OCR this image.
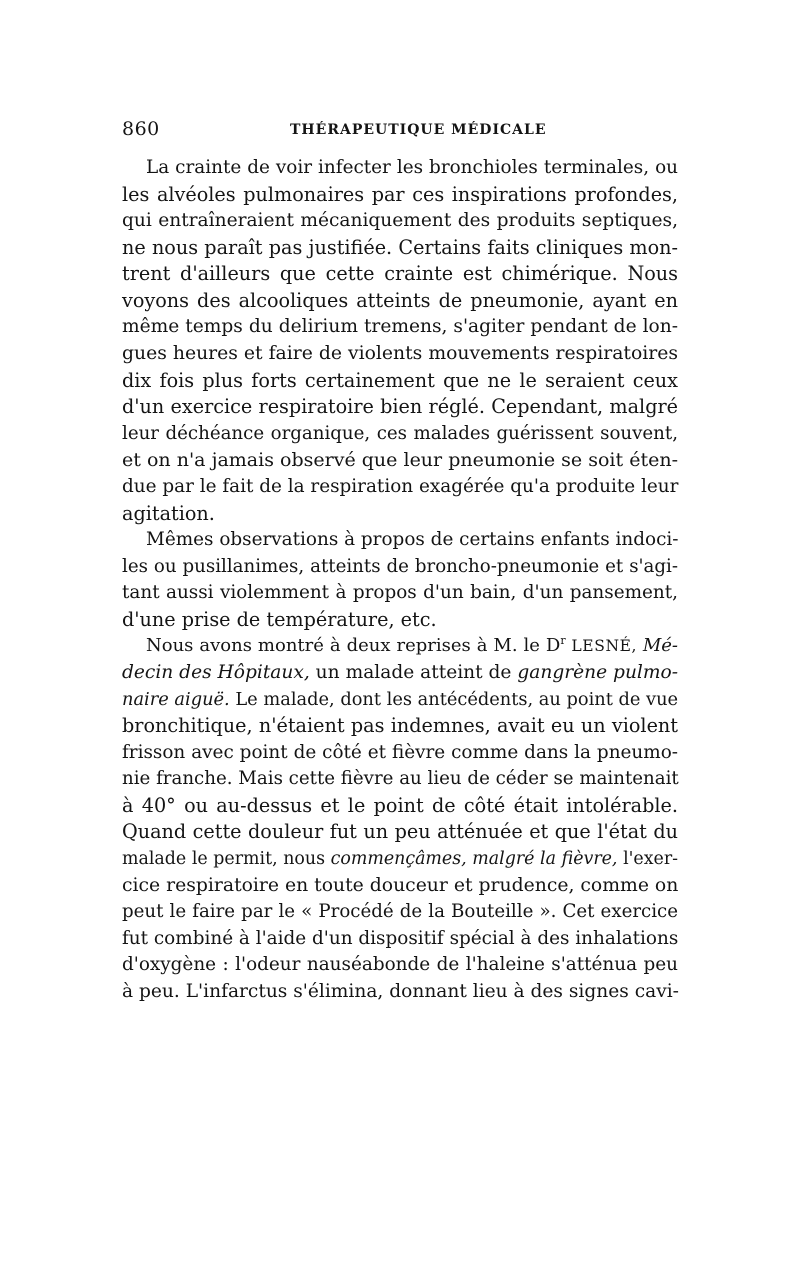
860	THÉRAPEUTIQUE MÉDICALE
La crainte de voir infecter les bronchioles terminales, ou
les alvéoles pulmonaires par ces inspirations profondes,
qui entraîneraient mécaniquement des produits septiques,
ne nous paraît pas justifiée. Certains faits cliniques mon-
trent d'ailleurs que cette crainte est chimérique. Nous
voyons des alcooliques atteints de pneumonie, ayant en
même temps du delirium tremens, s'agiter pendant de lon-
gues heures et faire de violents mouvements respiratoires
dix fois plus forts certainement que ne le seraient ceux
d'un exercice respiratoire bien réglé. Cependant, malgré
leur déchéance organique, ces malades guérissent souvent,
et on n'a jamais observé que leur pneumonie se soit éten-
due par le fait de la respiration exagérée qu'a produite leur
agitation.
Mêmes observations à propos de certains enfants indoci-
les ou pusillanimes, atteints de broncho-pneumonie et s'agi-
tant aussi violemment à propos d'un bain, d'un pansement,
d'une prise de température, etc.
Nous avons montré à deux reprises à M. le $D^r$ LESNÉ, Mé-
decin des Hôpitaux, un malade atteint de gangrène pulmo-
naire aiguë. Le malade, dont les antécédents, au point de vue
bronchitique, n'étaient pas indemnes, avait eu un violent
frisson avec point de côté et fièvre comme dans la pneumo-
nie franche. Mais cette fièvre au lieu de céder se maintenait
à 40° ou au-dessus et le point de côté était intolérable.
Quand cette douleur fut un peu atténuée et que l'état du
malade le permit, nous commençâmes, malgré la fièvre, l'exer-
cice respiratoire en toute douceur et prudence, comme on
peut le faire par le « Procédé de la Bouteille ». Cet exercice
fut combiné à l'aide d'un dispositif spécial à des inhalations
d'oxygène : l'odeur nauséabonde de l'haleine s'atténua peu
à peu. L'infarctus s'élimina, donnant lieu à des signes cavi-
